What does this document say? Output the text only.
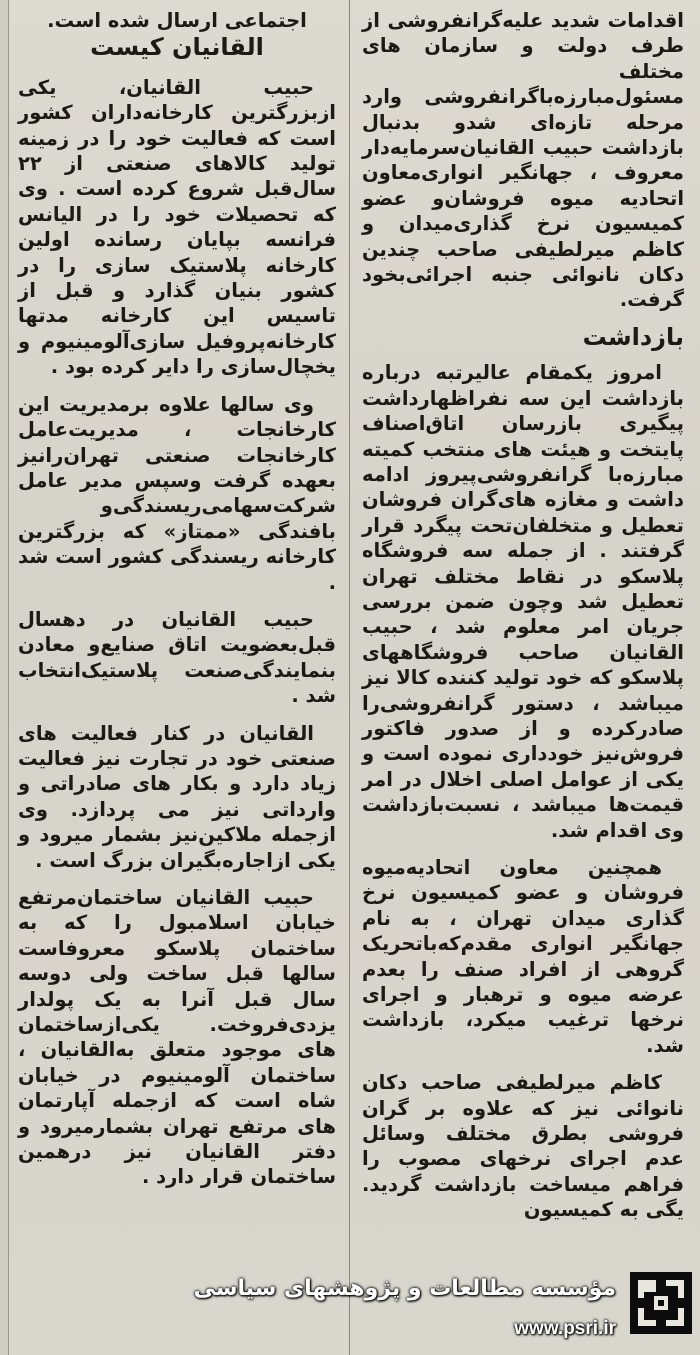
اقدامات شدید علیه‌گرانفروشی از طرف دولت و سازمان های مختلف مسئول‌مبارزه‌باگرانفروشی وارد مرحله تازه‌ای شدو بدنبال بازداشت حبیب القانیان‌سرمایه‌دار معروف ، جهانگیر انواری‌معاون اتحادیه میوه فروشان‌و عضو کمیسیون نرخ گذاری‌میدان و کاظم میرلطیفی صاحب چندین دکان نانوائی جنبه اجرائی‌بخود گرفت.

بازداشت

امروز یکمقام عالیرتبه درباره بازداشت این سه نفراظهارداشت پیگیری بازرسان اتاق‌اصناف پایتخت و هیئت های منتخب کمیته مبارزه‌با گرانفروشی‌پیروز ادامه داشت و مغازه های‌گران فروشان تعطیل و متخلفان‌تحت پیگرد قرار گرفتند . از جمله سه فروشگاه پلاسکو در نقاط مختلف تهران تعطیل شد وچون ضمن بررسی جریان امر معلوم شد ، حبیب القانیان صاحب فروشگاههای پلاسکو که خود تولید کننده کالا نیز میباشد ، دستور گرانفروشی‌را صادرکرده و از صدور فاکتور فروش‌نیز خودداری نموده است و یکی از عوامل اصلی اخلال در امر قیمت‌ها میباشد ، نسبت‌بازداشت وی اقدام شد.

همچنین معاون اتحادیه‌میوه فروشان و عضو کمیسیون نرخ گذاری میدان تهران ، به نام جهانگیر انواری مقدم‌که‌باتحریک گروهی از افراد صنف را بعدم عرضه میوه و ترهبار و اجرای نرخها ترغیب میکرد، بازداشت شد.

کاظم میرلطیفی صاحب دکان نانوائی نیز که علاوه بر گران فروشی بطرق مختلف وسائل عدم اجرای نرخهای مصوب را فراهم میساخت بازداشت گردید. یگی به کمیسیون

اجتماعی ارسال شده است.
القانیان کیست

حبیب القانیان، یکی ازبزرگترین کارخانه‌داران کشور است که فعالیت خود را در زمینه تولید کالاهای صنعتی از ۲۲ سال‌قبل شروع کرده است . وی که تحصیلات خود را در الیانس فرانسه بپایان رسانده اولین کارخانه پلاستیک سازی را در کشور بنیان گذارد و قبل از تاسیس این کارخانه مدتها کارخانه‌پروفیل سازی‌آلومینیوم و یخچال‌سازی را دایر کرده بود .

وی سالها علاوه برمدیریت این کارخانجات ، مدیریت‌عامل کارخانجات صنعتی تهران‌رانیز بعهده گرفت وسپس مدیر عامل شرکت‌سهامی‌ریسندگی‌و بافندگی «ممتاز» که بزرگترین کارخانه ریسندگی کشور است شد .

حبیب القانیان در دهسال قبل‌بعضویت اتاق صنایع‌و معادن بنمایندگی‌صنعت پلاستیک‌انتخاب شد .

القانیان در کنار فعالیت های صنعتی خود در تجارت نیز فعالیت زیاد دارد و بکار های صادراتی و وارداتی نیز می پردازد. وی ازجمله ملاکین‌نیز بشمار میرود و یکی ازاجاره‌بگیران بزرگ است .

حبیب القانیان ساختمان‌مرتفع خیابان اسلامبول را که به ساختمان پلاسکو معروفاست سالها قبل ساخت ولی دوسه سال قبل آنرا به یک پولدار یزدی‌فروخت. یکی‌ازساختمان های موجود متعلق به‌القانیان ، ساختمان آلومینیوم در خیابان شاه است که ازجمله آپارتمان های مرتفع تهران بشمارمیرود و دفتر القانیان نیز درهمین ساختمان قرار دارد .

مؤسسه مطالعات و پژوهشهای سیاسی
www.psri.ir
